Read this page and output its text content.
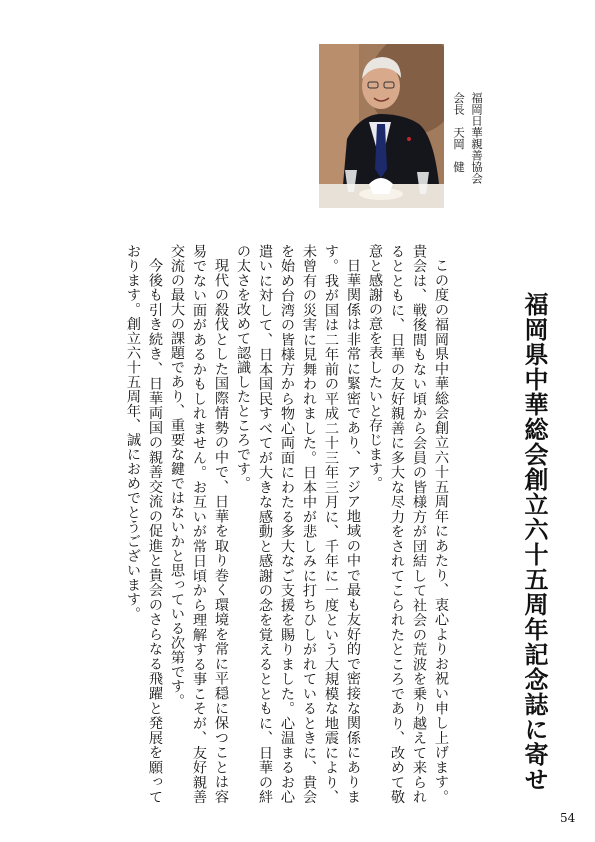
福岡県中華総会創立六十五周年記念誌に寄せ
福岡日華親善協会
会長　天岡　健

この度の福岡県中華総会創立六十五周年にあたり、衷心よりお祝い申し上げます。貴会は、戦後間もない頃から会員の皆様方が団結して社会の荒波を乗り越えて来られるとともに、日華の友好親善に多大な尽力をされてこられたところであり、改めて敬意と感謝の意を表したいと存じます。

日華関係は非常に緊密であり、アジア地域の中で最も友好的で密接な関係にあります。我が国は二年前の平成二十三年三月に、千年に一度という大規模な地震により、未曾有の災害に見舞われました。日本中が悲しみに打ちひしがれているときに、貴会を始め台湾の皆様方から物心両面にわたる多大なご支援を賜りました。心温まるお心遣いに対して、日本国民すべてが大きな感動と感謝の念を覚えるとともに、日華の絆の太さを改めて認識したところです。

現代の殺伐とした国際情勢の中で、日華を取り巻く環境を常に平穏に保つことは容易でない面があるかもしれません。お互いが常日頃から理解する事こそが、友好親善交流の最大の課題であり、重要な鍵ではないかと思っている次第です。

今後も引き続き、日華両国の親善交流の促進と貴会のさらなる飛躍と発展を願っております。創立六十五周年、誠におめでとうございます。

54
